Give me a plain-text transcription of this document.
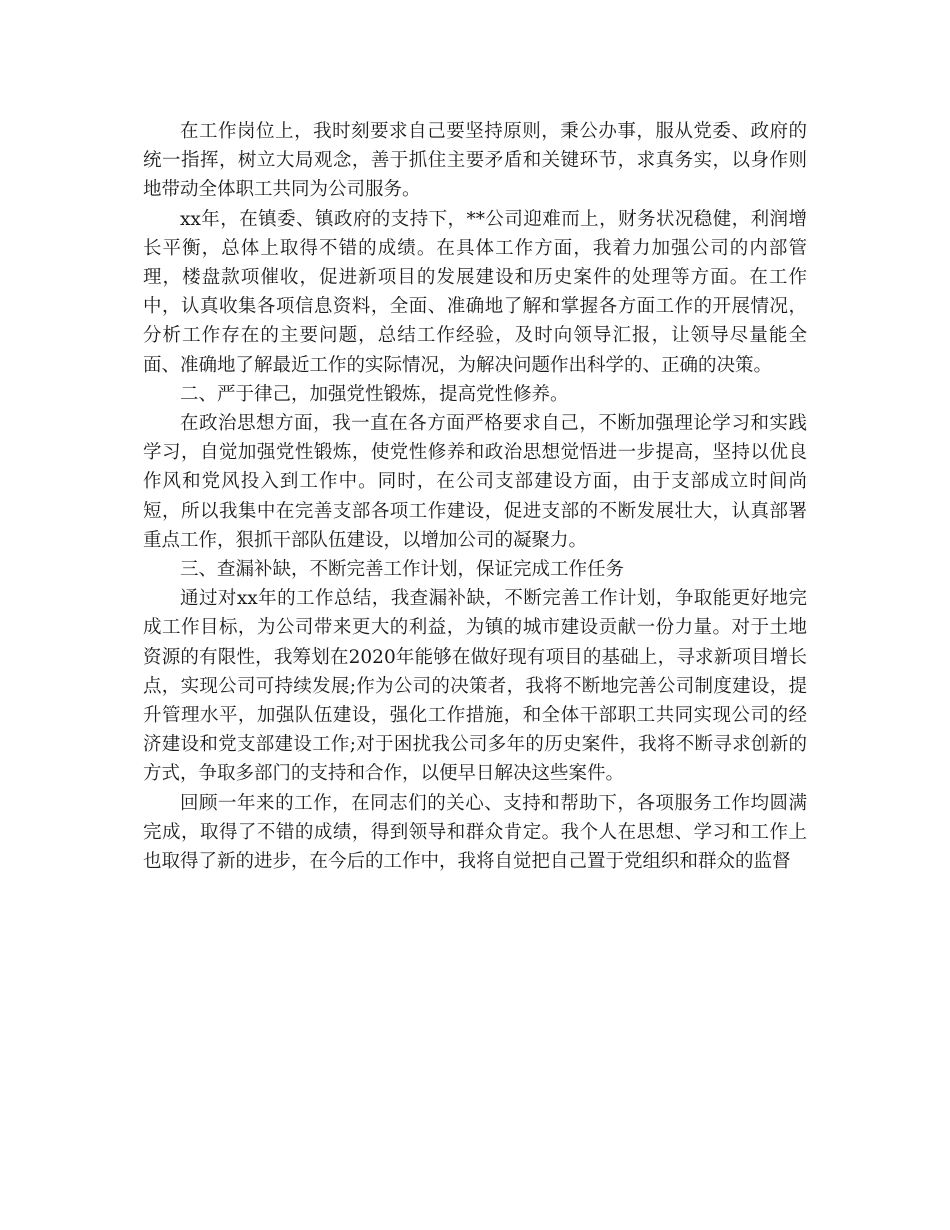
在工作岗位上，我时刻要求自己要坚持原则，秉公办事，服从党委、政府的统一指挥，树立大局观念，善于抓住主要矛盾和关键环节，求真务实，以身作则地带动全体职工共同为公司服务。

xx年，在镇委、镇政府的支持下，**公司迎难而上，财务状况稳健，利润增长平衡，总体上取得不错的成绩。在具体工作方面，我着力加强公司的内部管理，楼盘款项催收，促进新项目的发展建设和历史案件的处理等方面。在工作中，认真收集各项信息资料，全面、准确地了解和掌握各方面工作的开展情况，分析工作存在的主要问题，总结工作经验，及时向领导汇报，让领导尽量能全面、准确地了解最近工作的实际情况，为解决问题作出科学的、正确的决策。

二、严于律己，加强党性锻炼，提高党性修养。

在政治思想方面，我一直在各方面严格要求自己，不断加强理论学习和实践学习，自觉加强党性锻炼，使党性修养和政治思想觉悟进一步提高，坚持以优良作风和党风投入到工作中。同时，在公司支部建设方面，由于支部成立时间尚短，所以我集中在完善支部各项工作建设，促进支部的不断发展壮大，认真部署重点工作，狠抓干部队伍建设，以增加公司的凝聚力。

三、查漏补缺，不断完善工作计划，保证完成工作任务

通过对xx年的工作总结，我查漏补缺，不断完善工作计划，争取能更好地完成工作目标，为公司带来更大的利益，为镇的城市建设贡献一份力量。对于土地资源的有限性，我筹划在2020年能够在做好现有项目的基础上，寻求新项目增长点，实现公司可持续发展;作为公司的决策者，我将不断地完善公司制度建设，提升管理水平，加强队伍建设，强化工作措施，和全体干部职工共同实现公司的经济建设和党支部建设工作;对于困扰我公司多年的历史案件，我将不断寻求创新的方式，争取多部门的支持和合作，以便早日解决这些案件。

回顾一年来的工作，在同志们的关心、支持和帮助下，各项服务工作均圆满完成，取得了不错的成绩，得到领导和群众肯定。我个人在思想、学习和工作上也取得了新的进步，在今后的工作中，我将自觉把自己置于党组织和群众的监督
